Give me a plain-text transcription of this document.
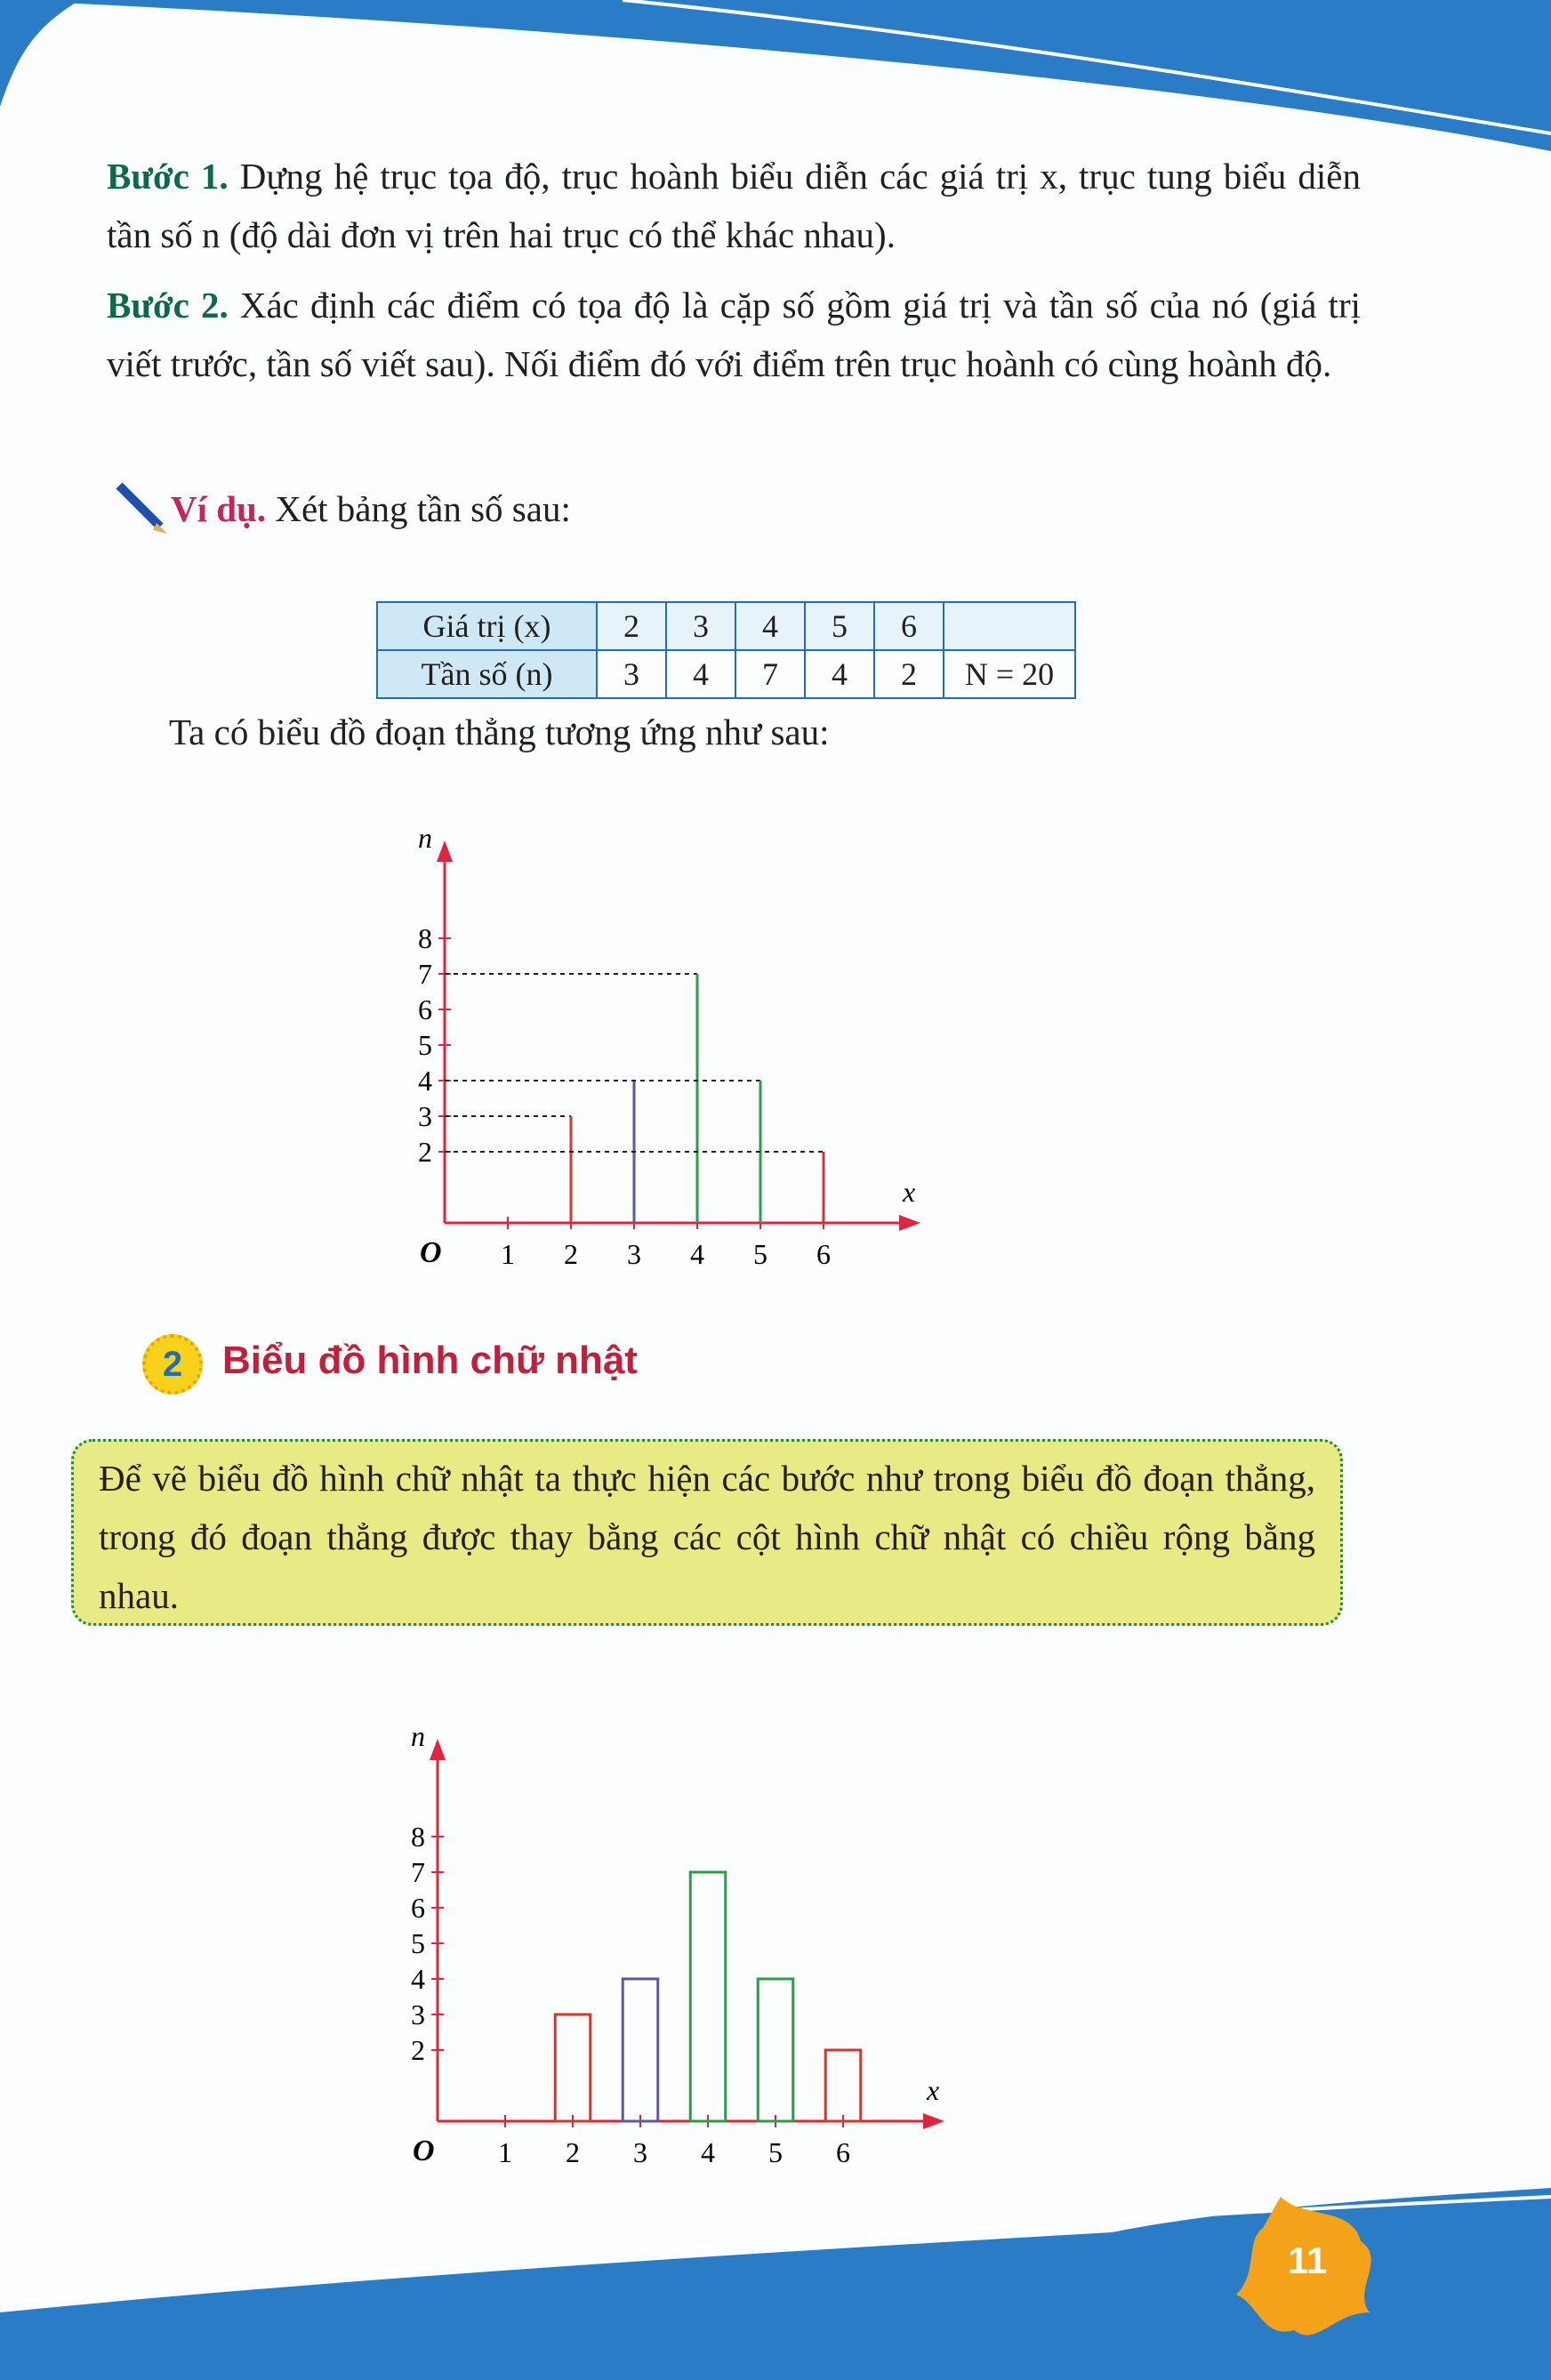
Bước 1. Dựng hệ trục tọa độ, trục hoành biểu diễn các giá trị x, trục tung biểu diễn tần số n (độ dài đơn vị trên hai trục có thể khác nhau).
Bước 2. Xác định các điểm có tọa độ là cặp số gồm giá trị và tần số của nó (giá trị viết trước, tần số viết sau). Nối điểm đó với điểm trên trục hoành có cùng hoành độ.
Ví dụ. Xét bảng tần số sau:
Giá trị (x)	2	3	4	5	6	
Tần số (n)	3	4	7	4	2	N = 20
Ta có biểu đồ đoạn thẳng tương ứng như sau:
x
n
O 1 2 3 4 5 6
2
3
4
5
6
7
8
2	Biểu đồ hình chữ nhật
Để vẽ biểu đồ hình chữ nhật ta thực hiện các bước như trong biểu đồ đoạn thẳng, trong đó đoạn thẳng được thay bằng các cột hình chữ nhật có chiều rộng bằng nhau.
x
n
O 1 2 3 4 5 6
2
3
4
5
6
7
8
11
